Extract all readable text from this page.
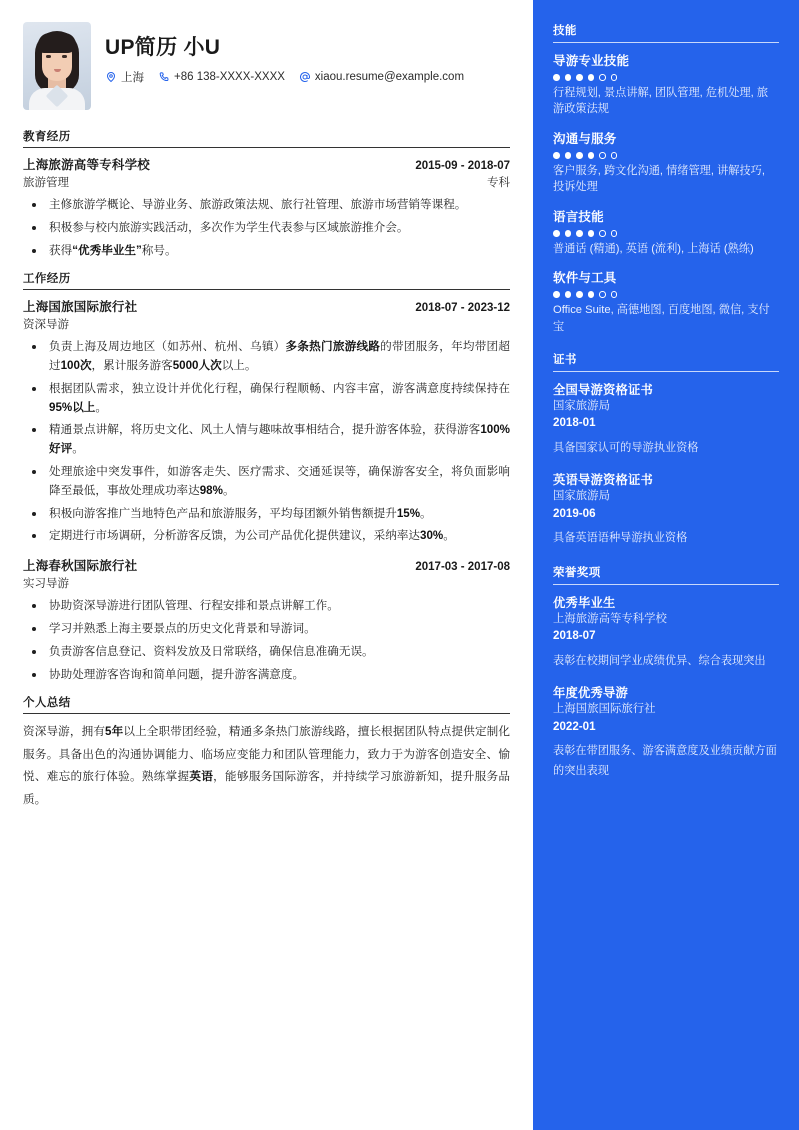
UP简历 小U
上海	+86 138-XXXX-XXXX	xiaou.resume@example.com
教育经历
上海旅游高等专科学校	2015-09 - 2018-07
旅游管理	专科
主修旅游学概论、导游业务、旅游政策法规、旅行社管理、旅游市场营销等课程。
积极参与校内旅游实践活动，多次作为学生代表参与区域旅游推介会。
获得“优秀毕业生”称号。
工作经历
上海国旅国际旅行社	2018-07 - 2023-12
资深导游
负责上海及周边地区（如苏州、杭州、乌镇）多条热门旅游线路的带团服务，年均带团超过100次，累计服务游客5000人次以上。
根据团队需求，独立设计并优化行程，确保行程顺畅、内容丰富，游客满意度持续保持在95%以上。
精通景点讲解，将历史文化、风土人情与趣味故事相结合，提升游客体验，获得游客100%好评。
处理旅途中突发事件，如游客走失、医疗需求、交通延误等，确保游客安全，将负面影响降至最低，事故处理成功率达98%。
积极向游客推广当地特色产品和旅游服务，平均每团额外销售额提升15%。
定期进行市场调研，分析游客反馈，为公司产品优化提供建议，采纳率达30%。
上海春秋国际旅行社	2017-03 - 2017-08
实习导游
协助资深导游进行团队管理、行程安排和景点讲解工作。
学习并熟悉上海主要景点的历史文化背景和导游词。
负责游客信息登记、资料发放及日常联络，确保信息准确无误。
协助处理游客咨询和简单问题，提升游客满意度。
个人总结
资深导游，拥有5年以上全职带团经验，精通多条热门旅游线路，擅长根据团队特点提供定制化服务。具备出色的沟通协调能力、临场应变能力和团队管理能力，致力于为游客创造安全、愉悦、难忘的旅行体验。熟练掌握英语，能够服务国际游客，并持续学习旅游新知，提升服务品质。
技能
导游专业技能
行程规划, 景点讲解, 团队管理, 危机处理, 旅游政策法规
沟通与服务
客户服务, 跨文化沟通, 情绪管理, 讲解技巧, 投诉处理
语言技能
普通话 (精通), 英语 (流利), 上海话 (熟练)
软件与工具
Office Suite, 高德地图, 百度地图, 微信, 支付宝
证书
全国导游资格证书
国家旅游局
2018-01
具备国家认可的导游执业资格
英语导游资格证书
国家旅游局
2019-06
具备英语语种导游执业资格
荣誉奖项
优秀毕业生
上海旅游高等专科学校
2018-07
表彰在校期间学业成绩优异、综合表现突出
年度优秀导游
上海国旅国际旅行社
2022-01
表彰在带团服务、游客满意度及业绩贡献方面的突出表现
